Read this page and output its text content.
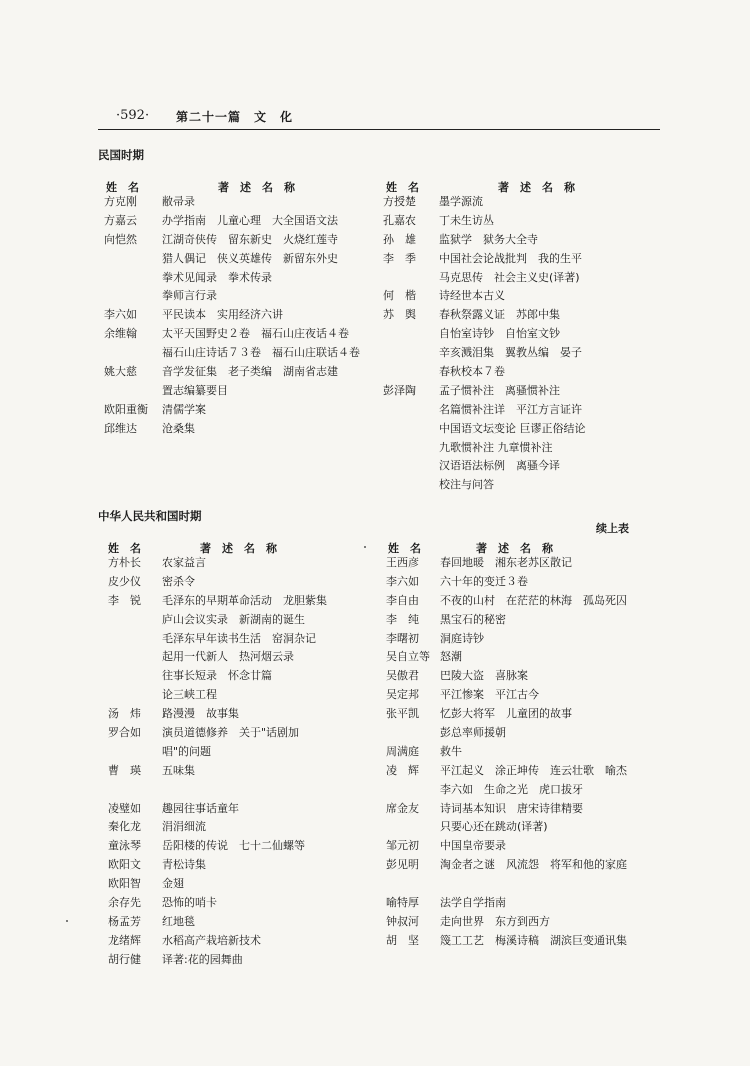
·592· 第二十一篇　文　化
民国时期
姓　名	著　述　名　称	姓　名	著　述　名　称
方克刚 敝帚录
方嘉云 办学指南　儿童心理　大全国语文法
向恺然 江湖奇侠传　留东新史　火烧红莲寺
猎人偶记　侠义英雄传　新留东外史
拳术见闻录　拳术传录
拳师言行录
李六如 平民读本　实用经济六讲
余维翰 太平天国野史２卷　福石山庄夜话４卷
福石山庄诗话７３卷　福石山庄联话４卷
姚大慈 音学发征集　老子类编　湖南省志建
置志编纂要目
欧阳重衡 清儒学案
邱维达 沧桑集
方授楚 墨学源流
孔嘉农 丁未生访丛
孙　雄 监狱学　狱务大全寺
李　季 中国社会论战批判　我的生平
马克思传　社会主义史(译著)
何　楷 诗经世本古义
苏　舆 春秋祭露义证　苏郎中集
自怡室诗钞　自怡室文钞
辛亥溅泪集　翼教丛编　晏子
春秋校本７卷
彭泽陶 孟子惯补注　离骚惯补注
名篇惯补注详　平江方言证许
中国语文坛变论 巨谬正俗结论
九歌惯补注 九章惯补注
汉语语法标例　离骚今译
校注与问答
中华人民共和国时期
续上表
姓　名	著　述　名　称	姓　名	著　述　名　称
方朴长 农家益言
皮少仪 密杀令
李　锐 毛泽东的早期革命活动　龙胆紫集
庐山会议实录　新湖南的诞生
毛泽东早年读书生活　窑洞杂记
起用一代新人　热河烟云录
往事长短录　怀念廿篇
论三峡工程
汤　炜 路漫漫　故事集
罗合如 演员道德修养　关于"话剧加
唱"的问题
曹　瑛 五味集
凌璧如 趣园往事话童年
秦化龙 涓涓细流
童泳琴 岳阳楼的传说　七十二仙螺等
欧阳文 青松诗集
欧阳智 金翅
余存先 恐怖的哨卡
杨孟芳 红地毯
龙绪辉 水稻高产栽培新技术
胡行健 译著:花的园舞曲
王西彦 春回地暖　湘东老苏区散记
李六如 六十年的变迁３卷
李自由 不夜的山村　在茫茫的林海　孤岛死囚
李　纯 黑宝石的秘密
李曙初 洞庭诗钞
吴自立等 怒潮
吴傲君 巴陵大盗　喜脉案
吴定邦 平江惨案　平江古今
张平凯 忆彭大将军　儿童团的故事
彭总率师援朝
周满庭 救牛
凌　辉 平江起义　涂正坤传　连云壮歌　喻杰
李六如　生命之光　虎口拔牙
席金友 诗词基本知识　唐宋诗律精要
只要心还在跳动(译著)
邹元初 中国皇帝要录
彭见明 淘金者之谜　风流怨　将军和他的家庭
喻特厚 法学自学指南
钟叔河 走向世界　东方到西方
胡　坚 篾工工艺　梅溪诗稿　湖滨巨变通讯集
